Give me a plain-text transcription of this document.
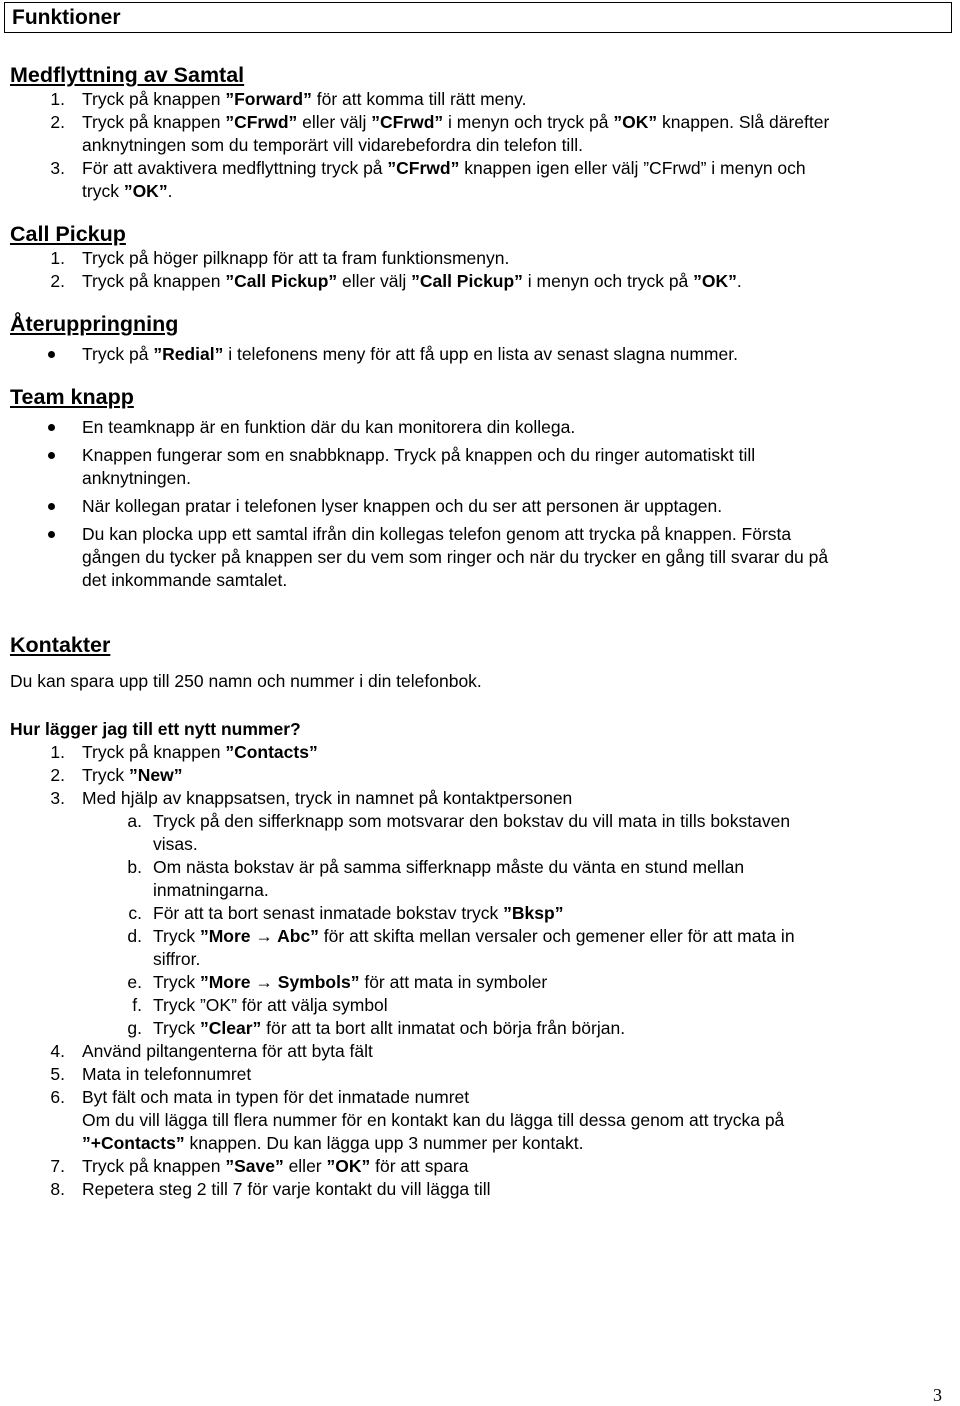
Funktioner
Medflyttning av Samtal
Tryck på knappen ”Forward” för att komma till rätt meny.
1.
Tryck på knappen ”CFrwd” eller välj ”CFrwd” i menyn och tryck på ”OK” knappen. Slå därefter
2.
anknytningen som du temporärt vill vidarebefordra din telefon till.
För att avaktivera medflyttning tryck på ”CFrwd” knappen igen eller välj ”CFrwd” i menyn och
3.
tryck ”OK”.
Call Pickup
Tryck på höger pilknapp för att ta fram funktionsmenyn.
1.
Tryck på knappen ”Call Pickup” eller välj ”Call Pickup” i menyn och tryck på ”OK”.
2.
Återuppringning
Tryck på ”Redial” i telefonens meny för att få upp en lista av senast slagna nummer.
Team knapp
En teamknapp är en funktion där du kan monitorera din kollega.
Knappen fungerar som en snabbknapp. Tryck på knappen och du ringer automatiskt till
anknytningen.
När kollegan pratar i telefonen lyser knappen och du ser att personen är upptagen.
Du kan plocka upp ett samtal ifrån din kollegas telefon genom att trycka på knappen. Första
gången du tycker på knappen ser du vem som ringer och när du trycker en gång till svarar du på
det inkommande samtalet.
Kontakter
Du kan spara upp till 250 namn och nummer i din telefonbok.
Hur lägger jag till ett nytt nummer?
Tryck på knappen ”Contacts”
1.
Tryck ”New”
2.
Med hjälp av knappsatsen, tryck in namnet på kontaktpersonen
3.
Tryck på den sifferknapp som motsvarar den bokstav du vill mata in tills bokstaven
a.
visas.
Om nästa bokstav är på samma sifferknapp måste du vänta en stund mellan
b.
inmatningarna.
För att ta bort senast inmatade bokstav tryck ”Bksp”
c.
Tryck ”More → Abc” för att skifta mellan versaler och gemener eller för att mata in
d.
siffror.
Tryck ”More → Symbols” för att mata in symboler
e.
Tryck ”OK” för att välja symbol
f.
Tryck ”Clear” för att ta bort allt inmatat och börja från början.
g.
Använd piltangenterna för att byta fält
4.
Mata in telefonnumret
5.
Byt fält och mata in typen för det inmatade numret
6.
Om du vill lägga till flera nummer för en kontakt kan du lägga till dessa genom att trycka på
”+Contacts” knappen. Du kan lägga upp 3 nummer per kontakt.
Tryck på knappen ”Save” eller ”OK” för att spara
7.
Repetera steg 2 till 7 för varje kontakt du vill lägga till
8.
3
